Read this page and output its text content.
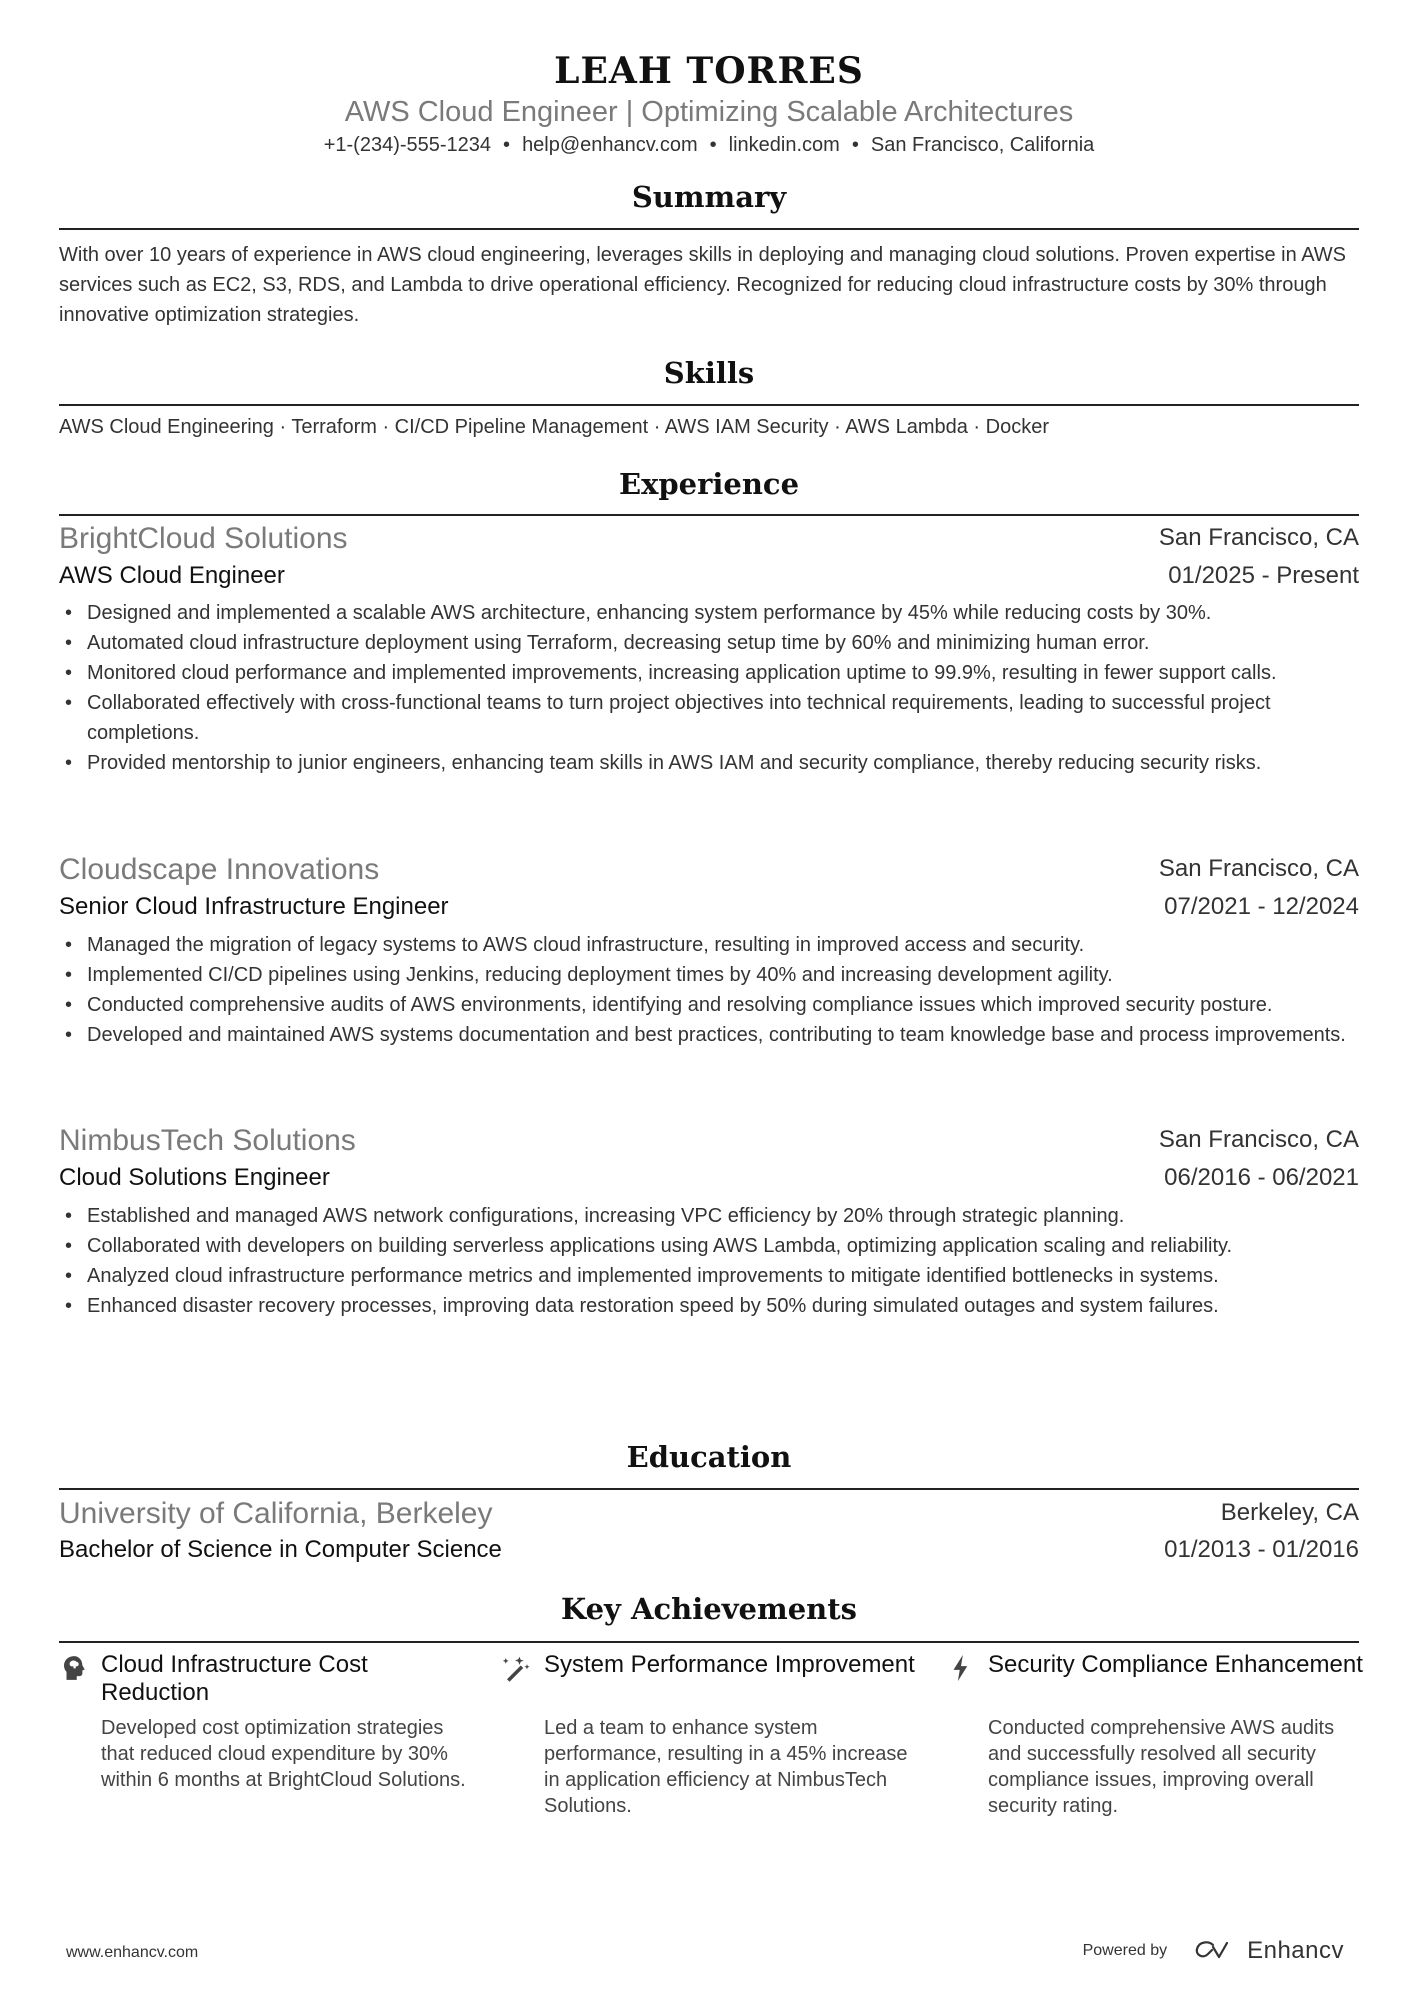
LEAH TORRES
AWS Cloud Engineer | Optimizing Scalable Architectures
+1-(234)-555-1234 • help@enhancv.com • linkedin.com • San Francisco, California
Summary
With over 10 years of experience in AWS cloud engineering, leverages skills in deploying and managing cloud solutions. Proven expertise in AWS services such as EC2, S3, RDS, and Lambda to drive operational efficiency. Recognized for reducing cloud infrastructure costs by 30% through innovative optimization strategies.
Skills
AWS Cloud Engineering · Terraform · CI/CD Pipeline Management · AWS IAM Security · AWS Lambda · Docker
Experience
BrightCloud Solutions	San Francisco, CA
AWS Cloud Engineer	01/2025 - Present
• Designed and implemented a scalable AWS architecture, enhancing system performance by 45% while reducing costs by 30%.
• Automated cloud infrastructure deployment using Terraform, decreasing setup time by 60% and minimizing human error.
• Monitored cloud performance and implemented improvements, increasing application uptime to 99.9%, resulting in fewer support calls.
• Collaborated effectively with cross-functional teams to turn project objectives into technical requirements, leading to successful project completions.
• Provided mentorship to junior engineers, enhancing team skills in AWS IAM and security compliance, thereby reducing security risks.
Cloudscape Innovations	San Francisco, CA
Senior Cloud Infrastructure Engineer	07/2021 - 12/2024
• Managed the migration of legacy systems to AWS cloud infrastructure, resulting in improved access and security.
• Implemented CI/CD pipelines using Jenkins, reducing deployment times by 40% and increasing development agility.
• Conducted comprehensive audits of AWS environments, identifying and resolving compliance issues which improved security posture.
• Developed and maintained AWS systems documentation and best practices, contributing to team knowledge base and process improvements.
NimbusTech Solutions	San Francisco, CA
Cloud Solutions Engineer	06/2016 - 06/2021
• Established and managed AWS network configurations, increasing VPC efficiency by 20% through strategic planning.
• Collaborated with developers on building serverless applications using AWS Lambda, optimizing application scaling and reliability.
• Analyzed cloud infrastructure performance metrics and implemented improvements to mitigate identified bottlenecks in systems.
• Enhanced disaster recovery processes, improving data restoration speed by 50% during simulated outages and system failures.
Education
University of California, Berkeley	Berkeley, CA
Bachelor of Science in Computer Science	01/2013 - 01/2016
Key Achievements
Cloud Infrastructure Cost Reduction
Developed cost optimization strategies that reduced cloud expenditure by 30% within 6 months at BrightCloud Solutions.
System Performance Improvement
Led a team to enhance system performance, resulting in a 45% increase in application efficiency at NimbusTech Solutions.
Security Compliance Enhancement
Conducted comprehensive AWS audits and successfully resolved all security compliance issues, improving overall security rating.
www.enhancv.com	Powered by	Enhancv
